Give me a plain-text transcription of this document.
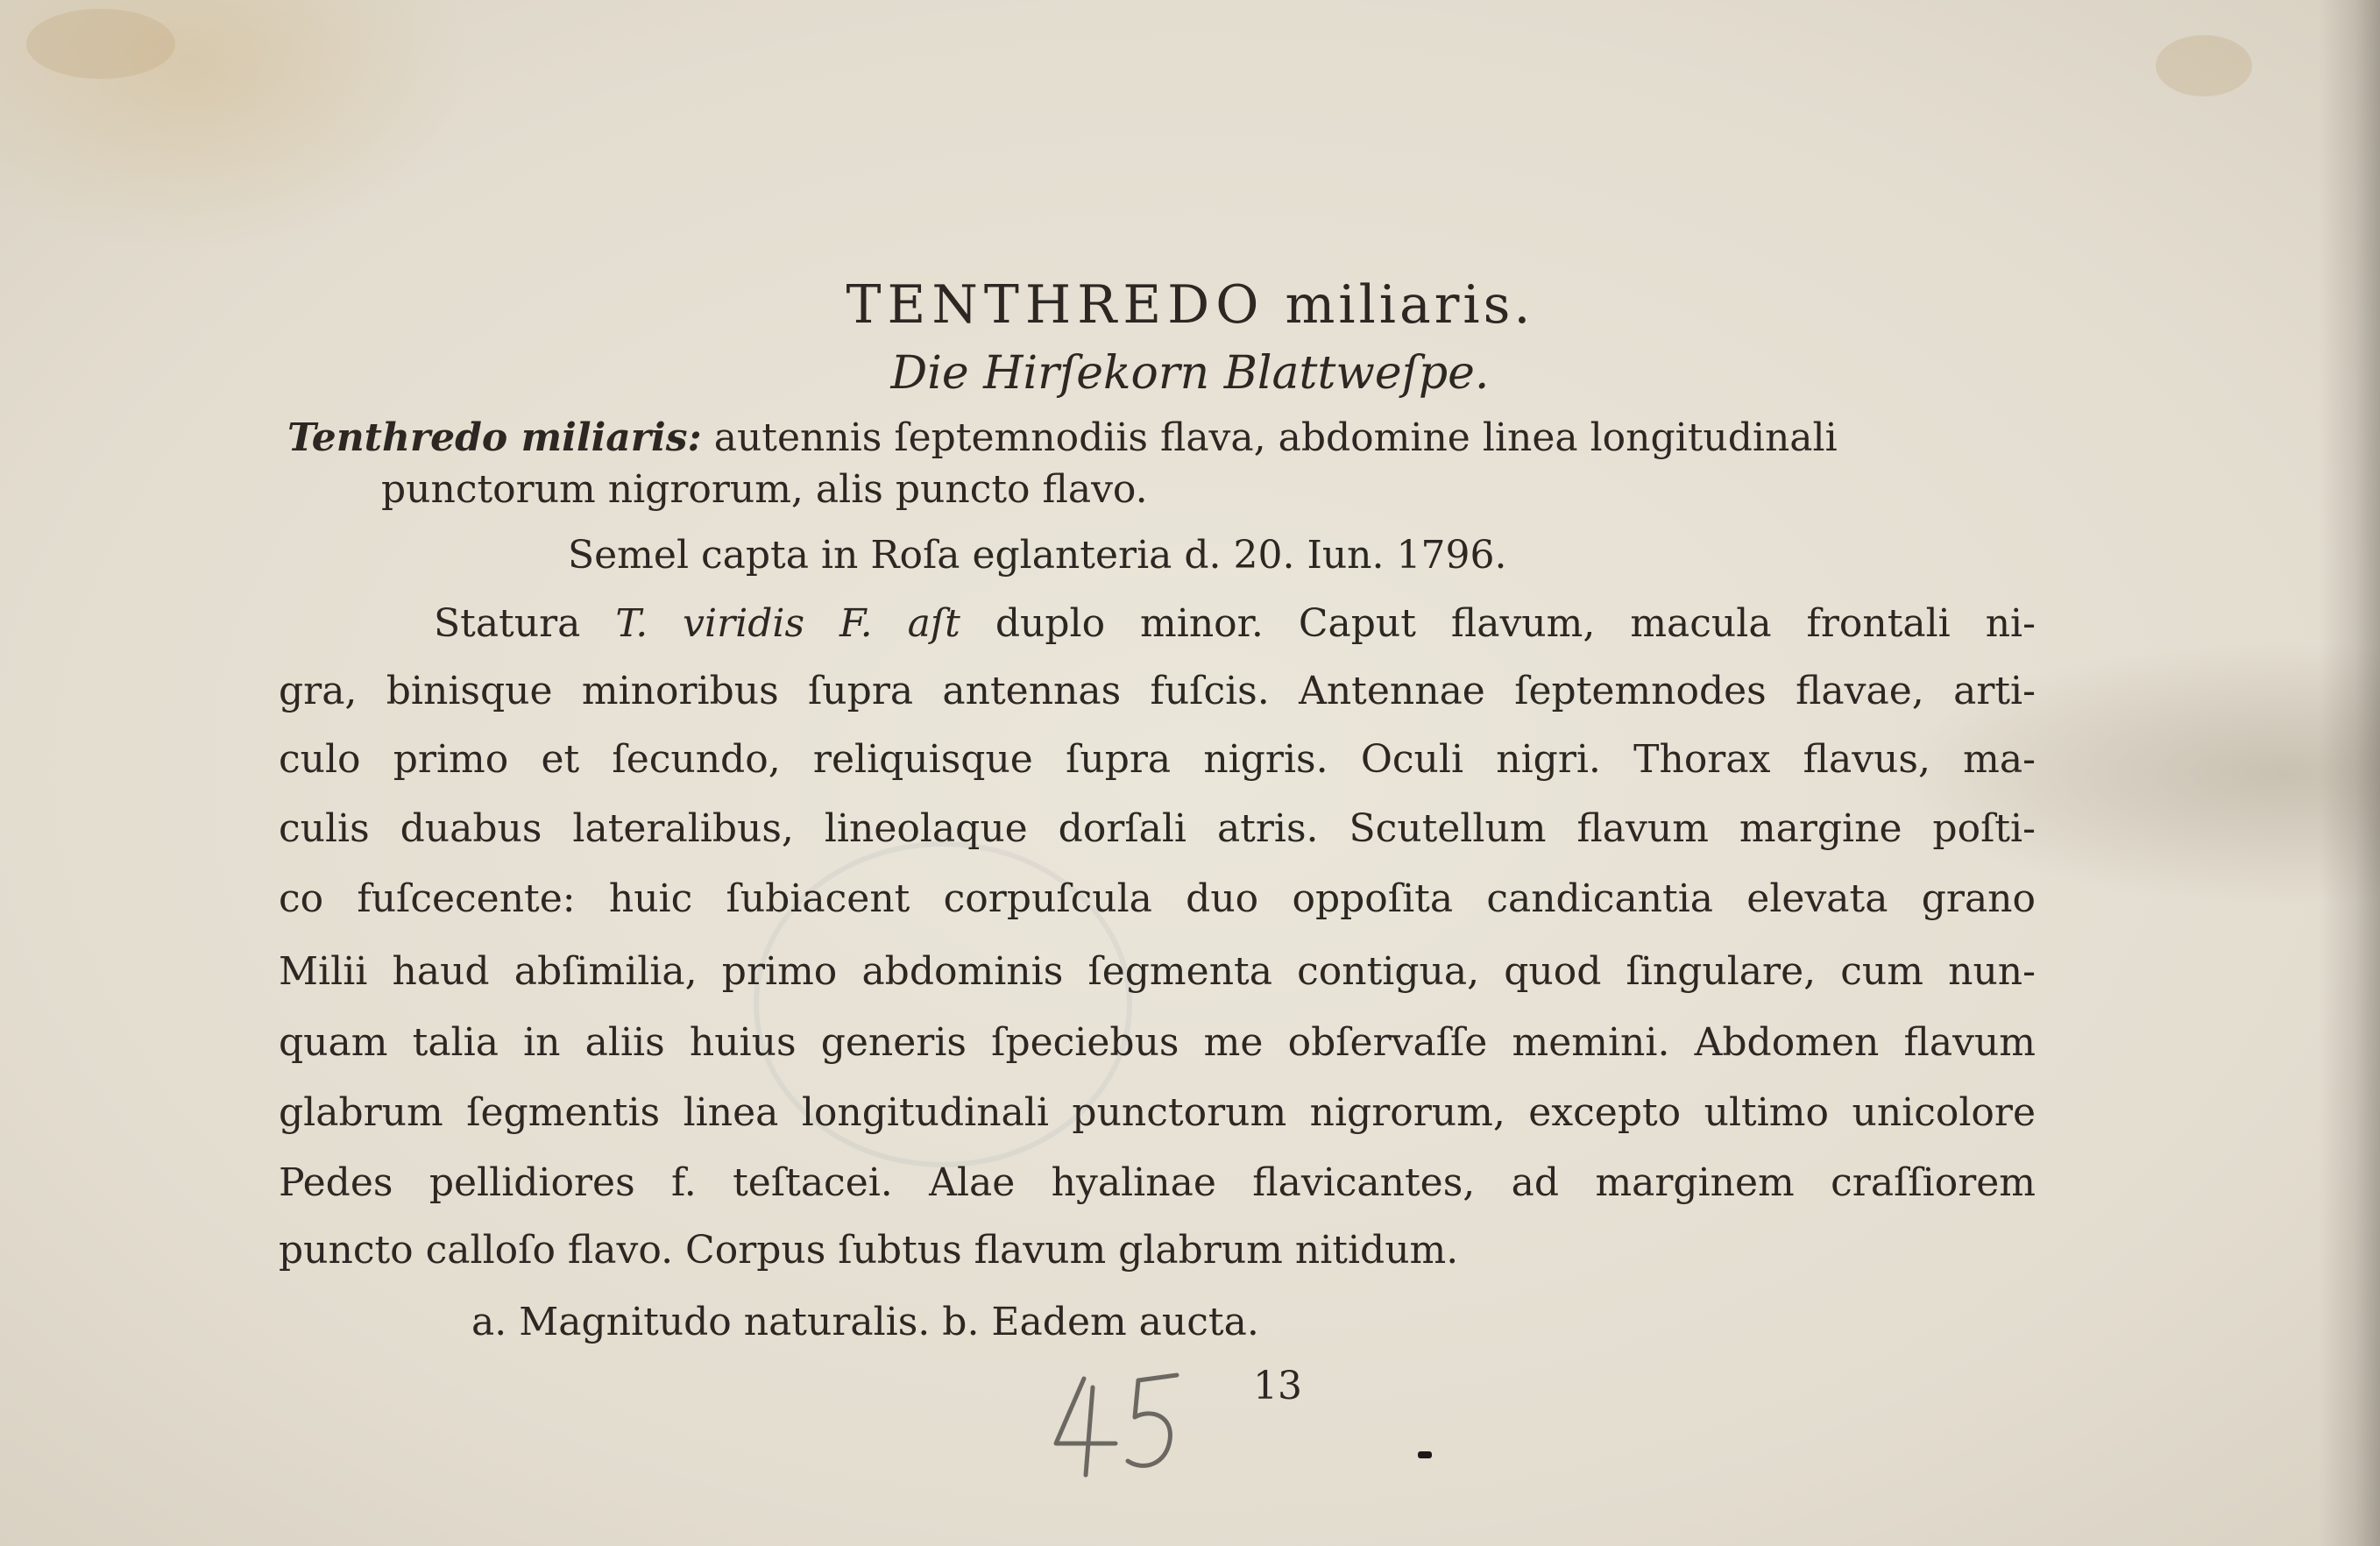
TENTHREDO miliaris.
Die Hirſekorn Blattweſpe.
Tenthredo miliaris: autennis ſeptemnodiis flava, abdomine linea longitudinali
punctorum nigrorum, alis puncto flavo.
Semel capta in Roſa eglanteria d. 20. Iun. 1796.
Statura T. viridis F. aſt duplo minor. Caput flavum, macula frontali ni-
gra, binisque minoribus ſupra antennas fuſcis. Antennae ſeptemnodes flavae, arti-
culo primo et ſecundo, reliquisque ſupra nigris. Oculi nigri. Thorax flavus, ma-
culis duabus lateralibus, lineolaque dorſali atris. Scutellum flavum margine poſti-
co fuſcecente: huic ſubiacent corpuſcula duo oppoſita candicantia elevata grano
Milii haud abſimilia, primo abdominis ſegmenta contigua, quod ſingulare, cum nun-
quam talia in aliis huius generis ſpeciebus me obſervaſſe memini. Abdomen flavum
glabrum ſegmentis linea longitudinali punctorum nigrorum, excepto ultimo unicolore
Pedes pellidiores f. teſtacei. Alae hyalinae flavicantes, ad marginem craſſiorem
puncto calloſo flavo. Corpus ſubtus flavum glabrum nitidum.
a. Magnitudo naturalis. b. Eadem aucta.
13
